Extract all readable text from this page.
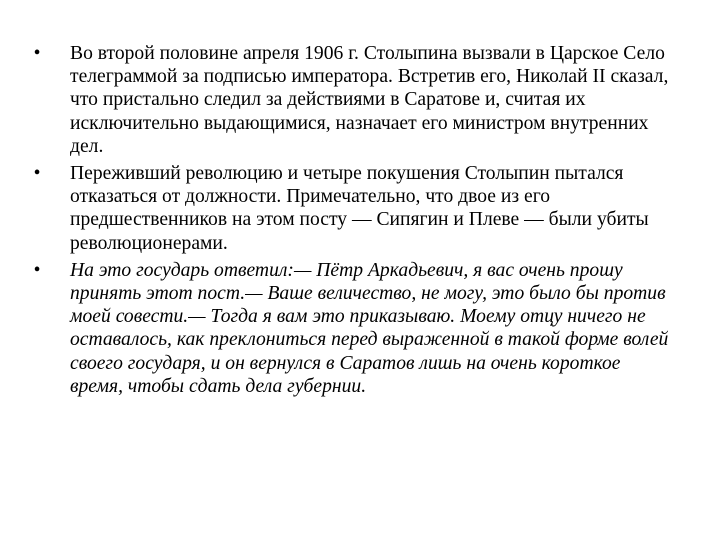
• Во второй половине апреля 1906 г. Столыпина вызвали в Царское Село телеграммой за подписью императора. Встретив его, Николай II сказал, что пристально следил за действиями в Саратове и, считая их исключительно выдающимися, назначает его министром внутренних дел.
• Переживший революцию и четыре покушения Столыпин пытался отказаться от должности. Примечательно, что двое из его предшественников на этом посту — Сипягин и Плеве — были убиты революционерами.
• На это государь ответил:— Пётр Аркадьевич, я вас очень прошу принять этот пост.— Ваше величество, не могу, это было бы против моей совести.— Тогда я вам это приказываю. Моему отцу ничего не оставалось, как преклониться перед выраженной в такой форме волей своего государя, и он вернулся в Саратов лишь на очень короткое время, чтобы сдать дела губернии.
